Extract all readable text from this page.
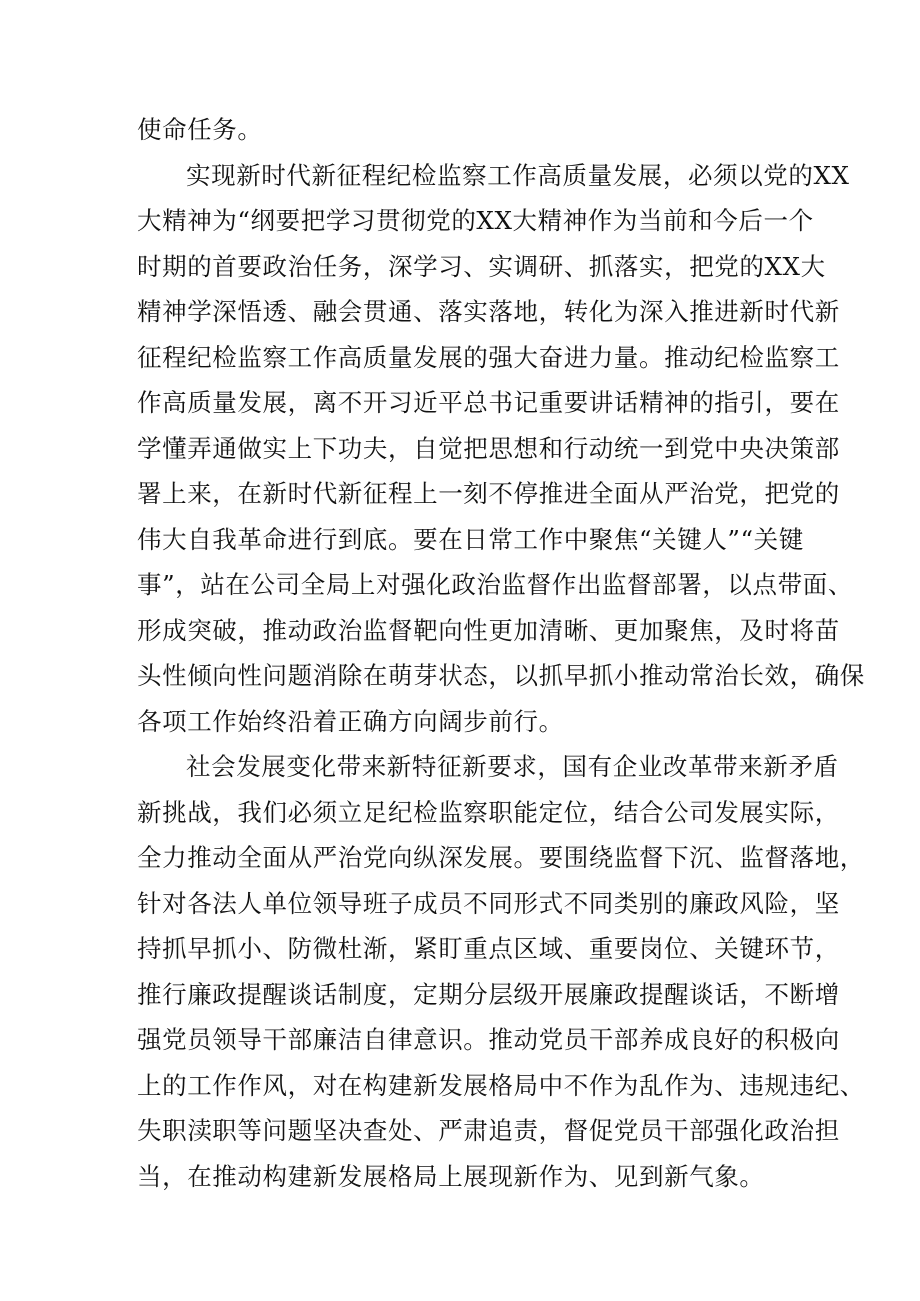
使命任务。
实现新时代新征程纪检监察工作高质量发展，必须以党的XX
大精神为“纲要把学习贯彻党的XX大精神作为当前和今后一个
时期的首要政治任务，深学习、实调研、抓落实，把党的XX大
精神学深悟透、融会贯通、落实落地，转化为深入推进新时代新
征程纪检监察工作高质量发展的强大奋进力量。推动纪检监察工
作高质量发展，离不开习近平总书记重要讲话精神的指引，要在
学懂弄通做实上下功夫，自觉把思想和行动统一到党中央决策部
署上来，在新时代新征程上一刻不停推进全面从严治党，把党的
伟大自我革命进行到底。要在日常工作中聚焦“关键人”“关键
事”，站在公司全局上对强化政治监督作出监督部署，以点带面、
形成突破，推动政治监督靶向性更加清晰、更加聚焦，及时将苗
头性倾向性问题消除在萌芽状态，以抓早抓小推动常治长效，确保
各项工作始终沿着正确方向阔步前行。
社会发展变化带来新特征新要求，国有企业改革带来新矛盾
新挑战，我们必须立足纪检监察职能定位，结合公司发展实际，
全力推动全面从严治党向纵深发展。要围绕监督下沉、监督落地，
针对各法人单位领导班子成员不同形式不同类别的廉政风险，坚
持抓早抓小、防微杜渐，紧盯重点区域、重要岗位、关键环节，
推行廉政提醒谈话制度，定期分层级开展廉政提醒谈话，不断增
强党员领导干部廉洁自律意识。推动党员干部养成良好的积极向
上的工作作风，对在构建新发展格局中不作为乱作为、违规违纪、
失职渎职等问题坚决查处、严肃追责，督促党员干部强化政治担
当，在推动构建新发展格局上展现新作为、见到新气象。
